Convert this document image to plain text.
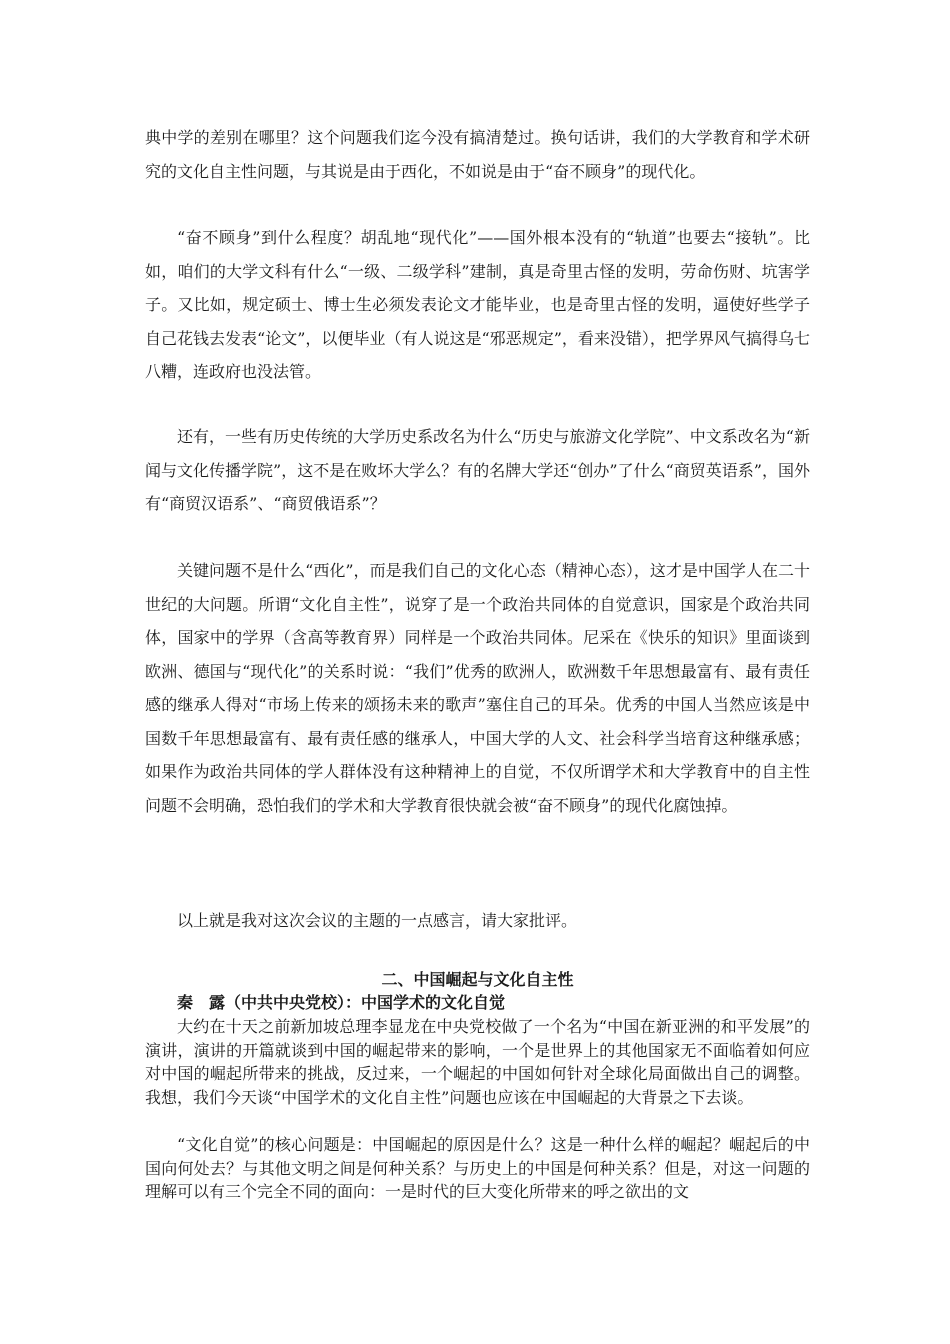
典中学的差别在哪里？这个问题我们迄今没有搞清楚过。换句话讲，我们的大学教育和学术研究的文化自主性问题，与其说是由于西化，不如说是由于“奋不顾身”的现代化。

“奋不顾身”到什么程度？胡乱地“现代化”——国外根本没有的“轨道”也要去“接轨”。比如，咱们的大学文科有什么“一级、二级学科”建制，真是奇里古怪的发明，劳命伤财、坑害学子。又比如，规定硕士、博士生必须发表论文才能毕业，也是奇里古怪的发明，逼使好些学子自己花钱去发表“论文”，以便毕业（有人说这是“邪恶规定”，看来没错），把学界风气搞得乌七八糟，连政府也没法管。

还有，一些有历史传统的大学历史系改名为什么“历史与旅游文化学院”、中文系改名为“新闻与文化传播学院”，这不是在败坏大学么？有的名牌大学还“创办”了什么“商贸英语系”，国外有“商贸汉语系”、“商贸俄语系”？

关键问题不是什么“西化”，而是我们自己的文化心态（精神心态），这才是中国学人在二十世纪的大问题。所谓“文化自主性”，说穿了是一个政治共同体的自觉意识，国家是个政治共同体，国家中的学界（含高等教育界）同样是一个政治共同体。尼采在《快乐的知识》里面谈到欧洲、德国与“现代化”的关系时说：“我们”优秀的欧洲人，欧洲数千年思想最富有、最有责任感的继承人得对“市场上传来的颂扬未来的歌声”塞住自己的耳朵。优秀的中国人当然应该是中国数千年思想最富有、最有责任感的继承人，中国大学的人文、社会科学当培育这种继承感；如果作为政治共同体的学人群体没有这种精神上的自觉，不仅所谓学术和大学教育中的自主性问题不会明确，恐怕我们的学术和大学教育很快就会被“奋不顾身”的现代化腐蚀掉。

以上就是我对这次会议的主题的一点感言，请大家批评。

二、中国崛起与文化自主性
秦　露（中共中央党校）：中国学术的文化自觉

大约在十天之前新加坡总理李显龙在中央党校做了一个名为“中国在新亚洲的和平发展”的演讲，演讲的开篇就谈到中国的崛起带来的影响，一个是世界上的其他国家无不面临着如何应对中国的崛起所带来的挑战，反过来，一个崛起的中国如何针对全球化局面做出自己的调整。我想，我们今天谈“中国学术的文化自主性”问题也应该在中国崛起的大背景之下去谈。

“文化自觉”的核心问题是：中国崛起的原因是什么？这是一种什么样的崛起？崛起后的中国向何处去？与其他文明之间是何种关系？与历史上的中国是何种关系？但是，对这一问题的理解可以有三个完全不同的面向：一是时代的巨大变化所带来的呼之欲出的文
